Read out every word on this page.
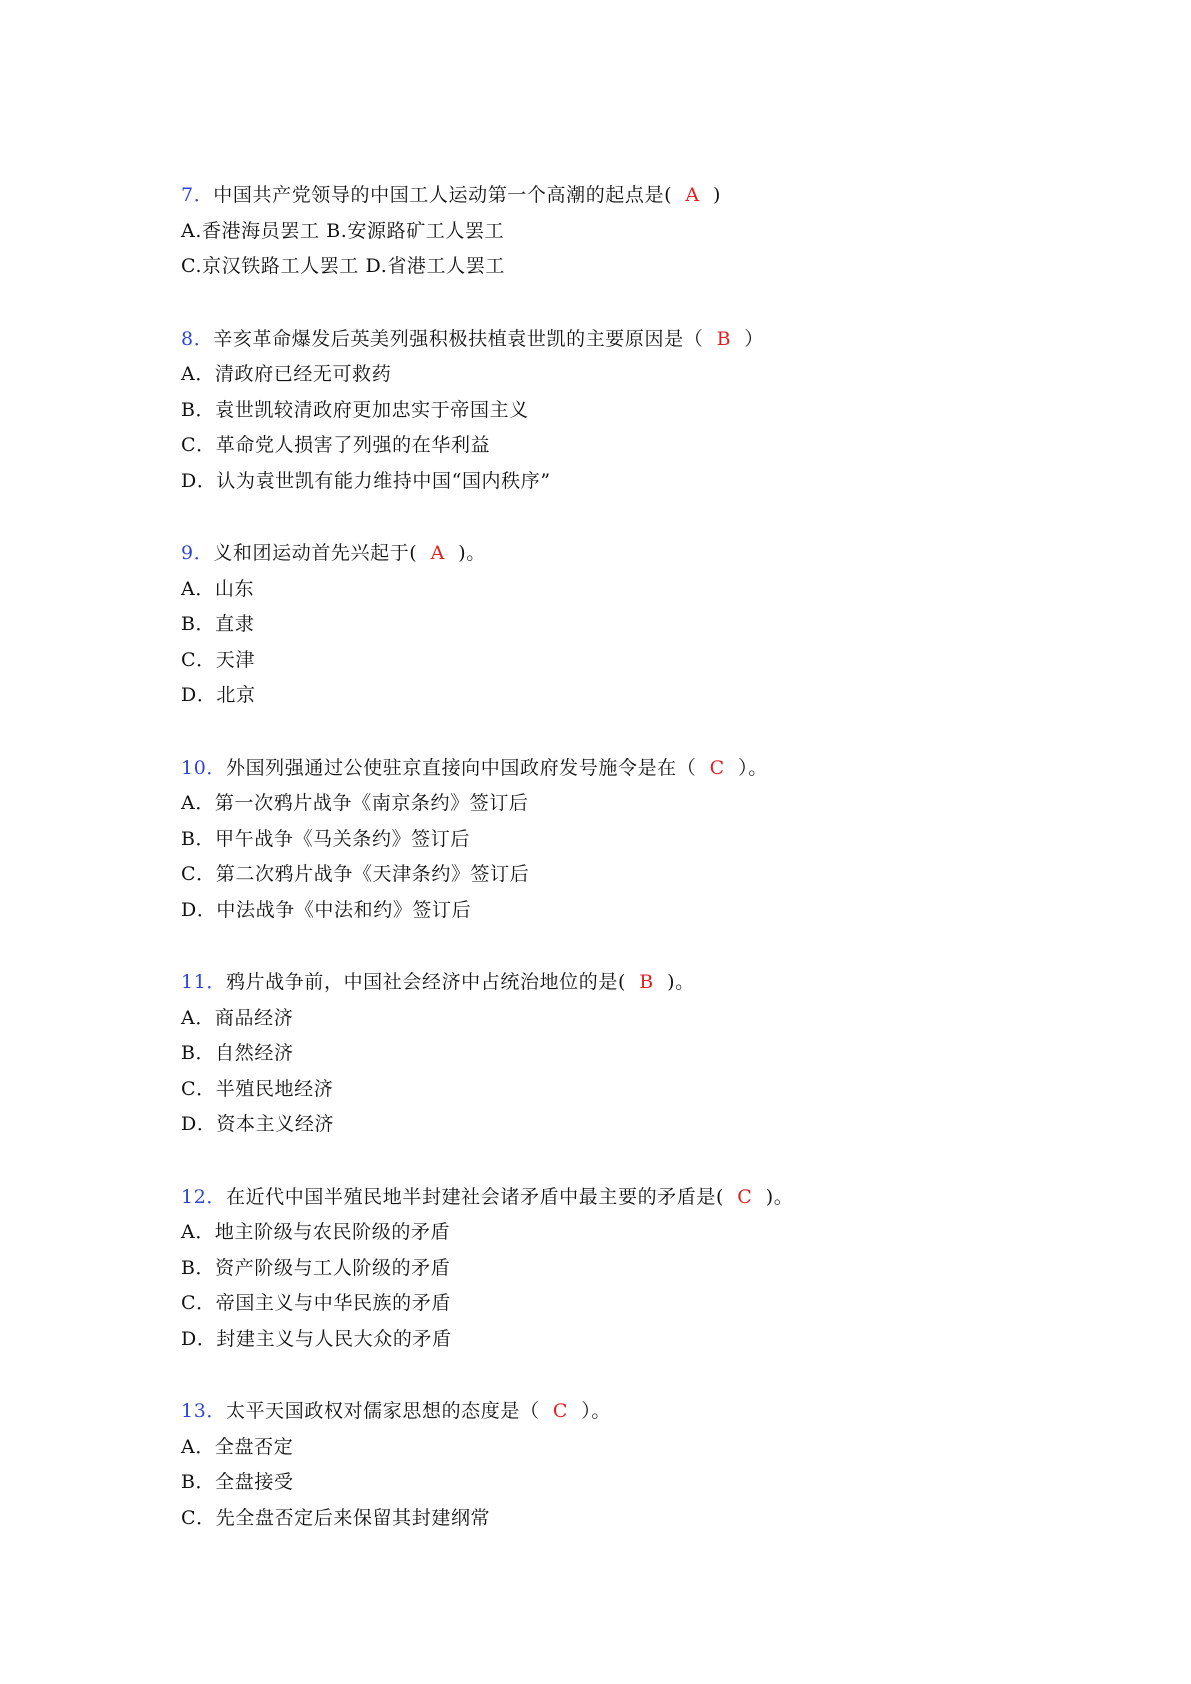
7．中国共产党领导的中国工人运动第一个高潮的起点是(  A  )
A.香港海员罢工 B.安源路矿工人罢工
C.京汉铁路工人罢工 D.省港工人罢工
8．辛亥革命爆发后英美列强积极扶植袁世凯的主要原因是（  B  ）
A．清政府已经无可救药
B．袁世凯较清政府更加忠实于帝国主义
C．革命党人损害了列强的在华利益
D．认为袁世凯有能力维持中国“国内秩序”
9．义和团运动首先兴起于(  A  )。
A．山东
B．直隶
C．天津
D．北京
10．外国列强通过公使驻京直接向中国政府发号施令是在（  C  ）。
A．第一次鸦片战争《南京条约》签订后
B．甲午战争《马关条约》签订后
C．第二次鸦片战争《天津条约》签订后
D．中法战争《中法和约》签订后
11．鸦片战争前，中国社会经济中占统治地位的是(  B  )。
A．商品经济
B．自然经济
C．半殖民地经济
D．资本主义经济
12．在近代中国半殖民地半封建社会诸矛盾中最主要的矛盾是(  C  )。
A．地主阶级与农民阶级的矛盾
B．资产阶级与工人阶级的矛盾
C．帝国主义与中华民族的矛盾
D．封建主义与人民大众的矛盾
13．太平天国政权对儒家思想的态度是（  C  ）。
A．全盘否定
B．全盘接受
C．先全盘否定后来保留其封建纲常
